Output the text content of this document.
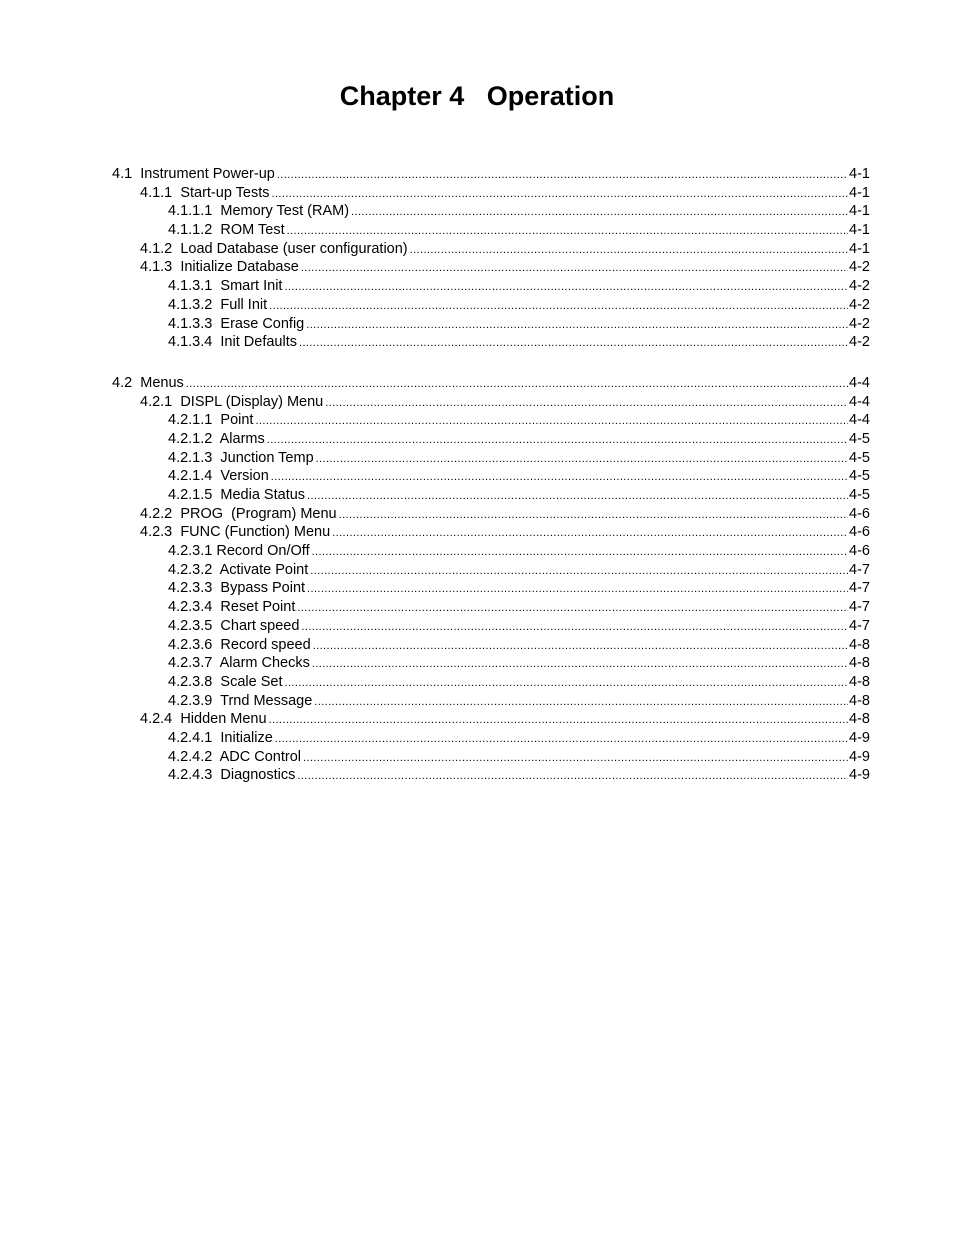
Chapter 4   Operation
4.1 Instrument Power-up .....	4-1
4.1.1 Start-up Tests .....	4-1
4.1.1.1 Memory Test (RAM) .....	4-1
4.1.1.2 ROM Test .....	4-1
4.1.2 Load Database (user configuration) .....	4-1
4.1.3 Initialize Database .....	4-2
4.1.3.1 Smart Init .....	4-2
4.1.3.2 Full Init .....	4-2
4.1.3.3 Erase Config .....	4-2
4.1.3.4 Init Defaults .....	4-2
4.2 Menus .....	4-4
4.2.1 DISPL (Display) Menu .....	4-4
4.2.1.1 Point .....	4-4
4.2.1.2 Alarms .....	4-5
4.2.1.3 Junction Temp .....	4-5
4.2.1.4 Version .....	4-5
4.2.1.5 Media Status .....	4-5
4.2.2 PROG  (Program) Menu .....	4-6
4.2.3 FUNC (Function) Menu .....	4-6
4.2.3.1 Record On/Off .....	4-6
4.2.3.2 Activate Point .....	4-7
4.2.3.3 Bypass Point .....	4-7
4.2.3.4 Reset Point .....	4-7
4.2.3.5 Chart speed .....	4-7
4.2.3.6 Record speed .....	4-8
4.2.3.7 Alarm Checks .....	4-8
4.2.3.8 Scale Set .....	4-8
4.2.3.9 Trnd Message .....	4-8
4.2.4 Hidden Menu .....	4-8
4.2.4.1 Initialize .....	4-9
4.2.4.2 ADC Control .....	4-9
4.2.4.3 Diagnostics .....	4-9
